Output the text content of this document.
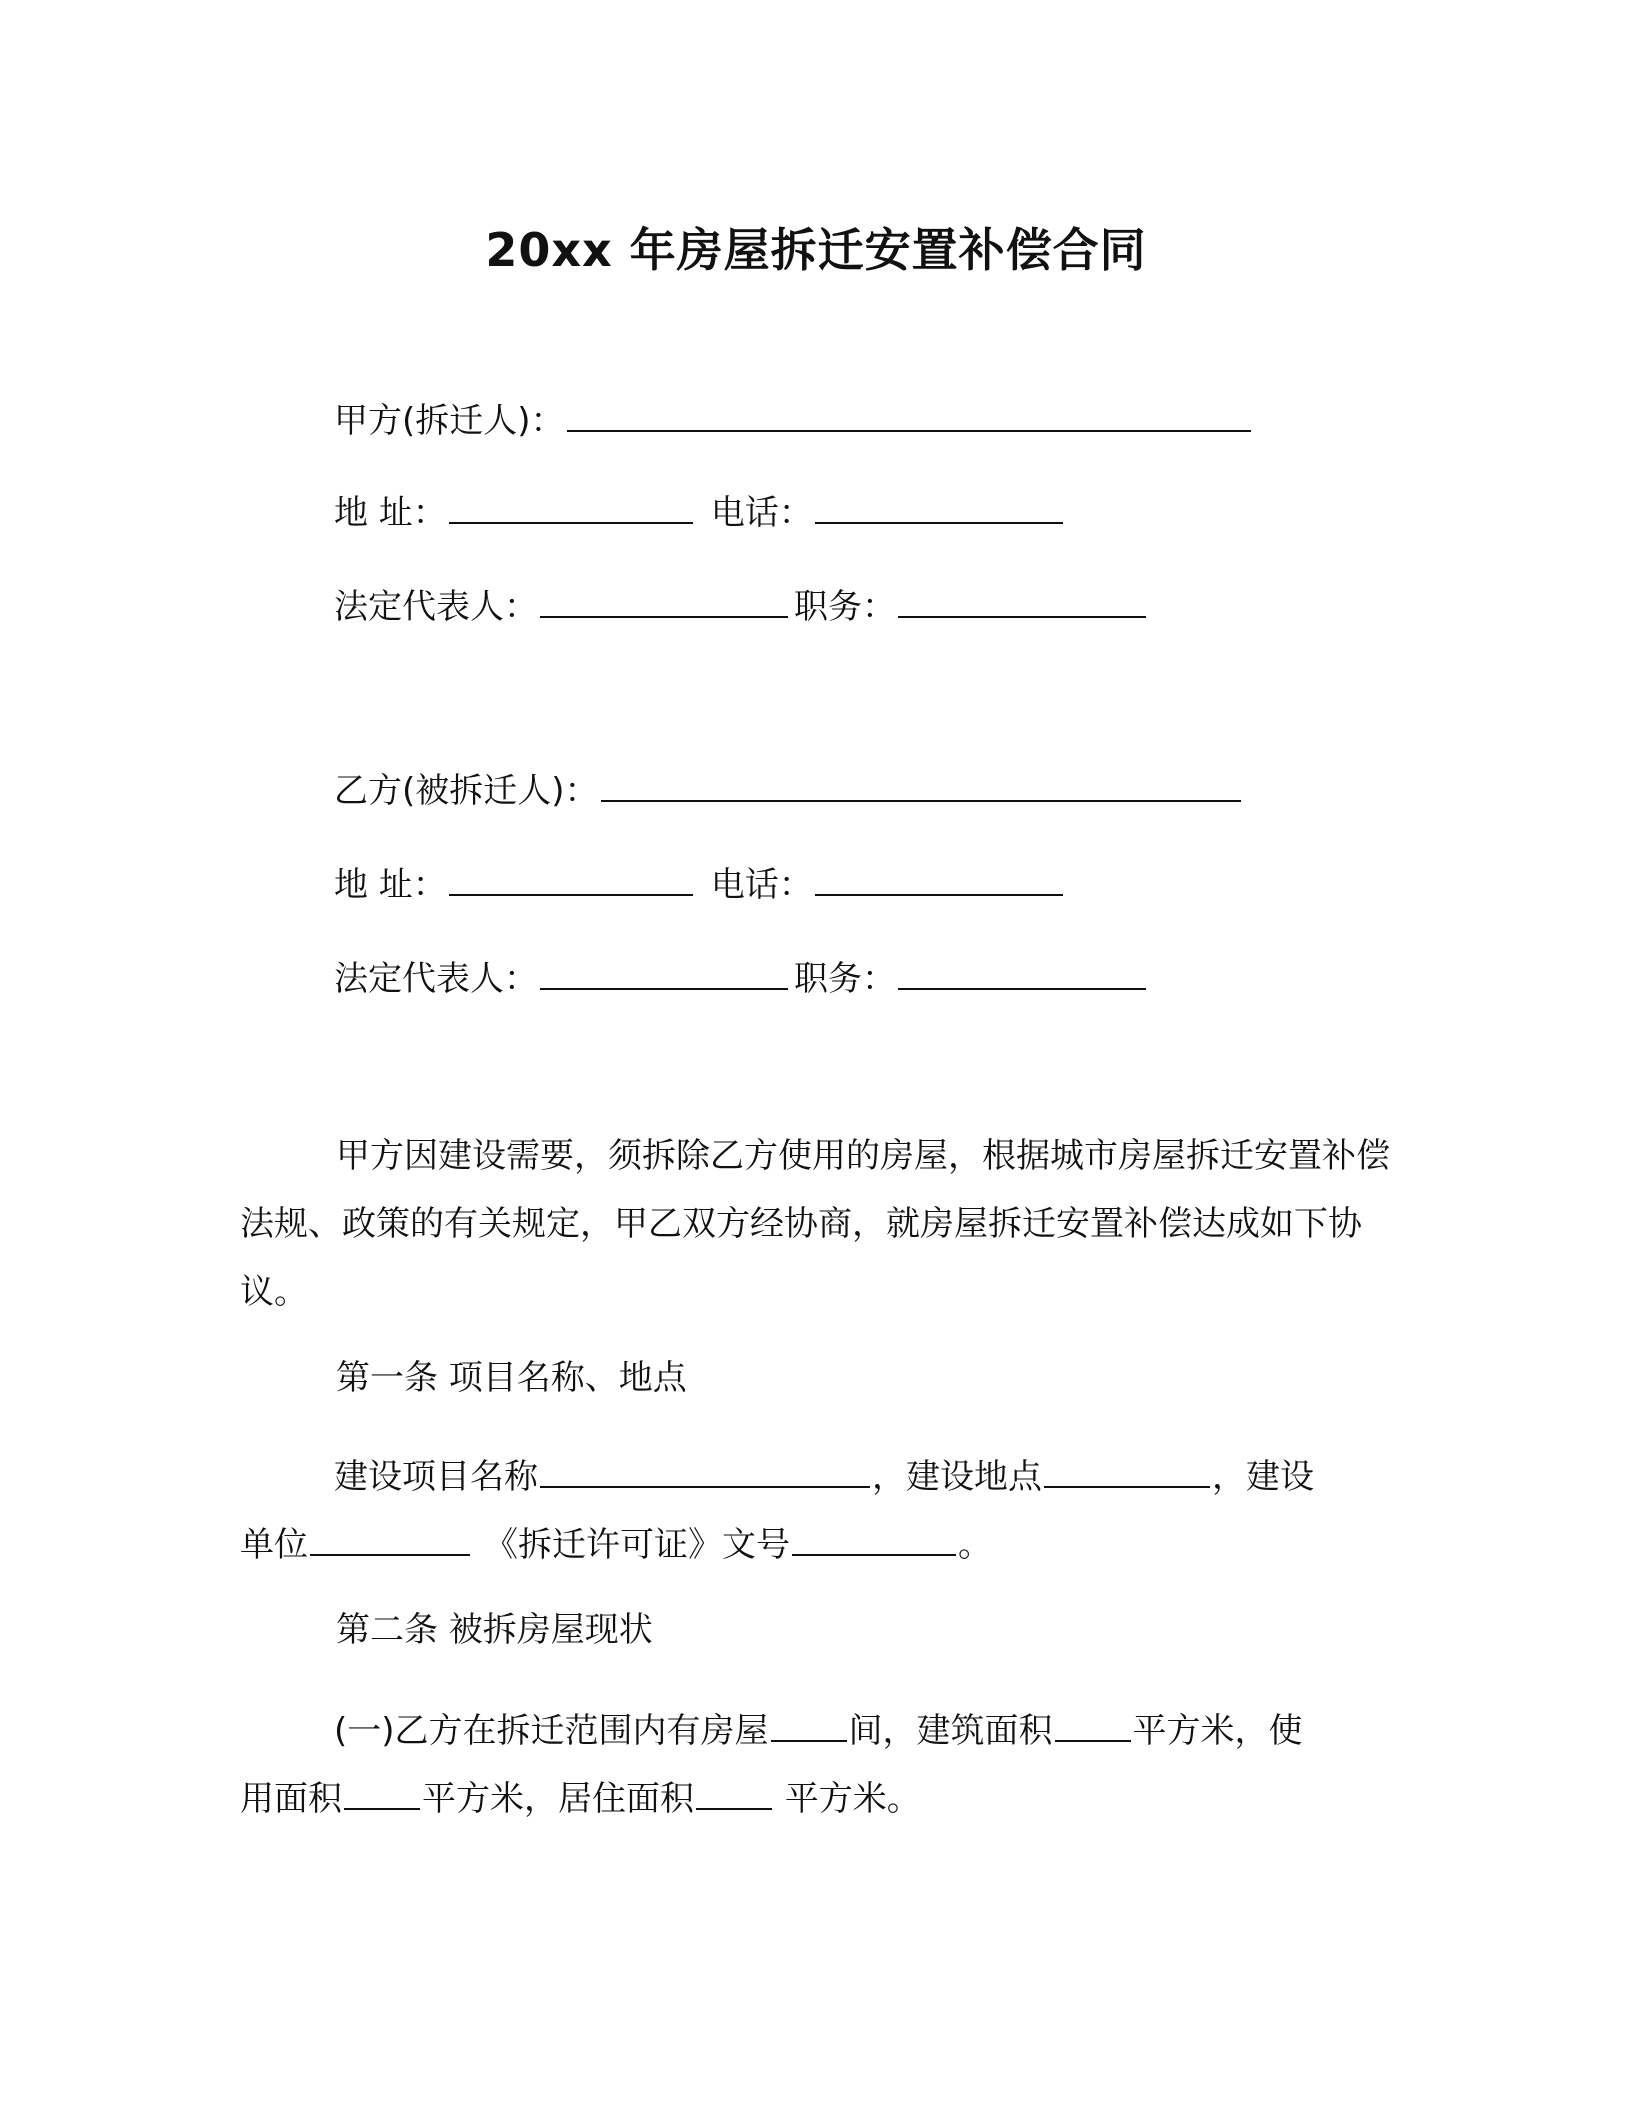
20xx 年房屋拆迁安置补偿合同
甲方(拆迁人)：
地 址：	电话：
法定代表人：	职务：
乙方(被拆迁人)：
地 址：	电话：
法定代表人：	职务：
甲方因建设需要，须拆除乙方使用的房屋，根据城市房屋拆迁安置补偿法规、政策的有关规定，甲乙双方经协商，就房屋拆迁安置补偿达成如下协议。
第一条 项目名称、地点
建设项目名称	，建设地点	，建设
单位	《拆迁许可证》文号	。
第二条 被拆房屋现状
(一)乙方在拆迁范围内有房屋 间，建筑面积 平方米，使
用面积 平方米，居住面积 平方米。
